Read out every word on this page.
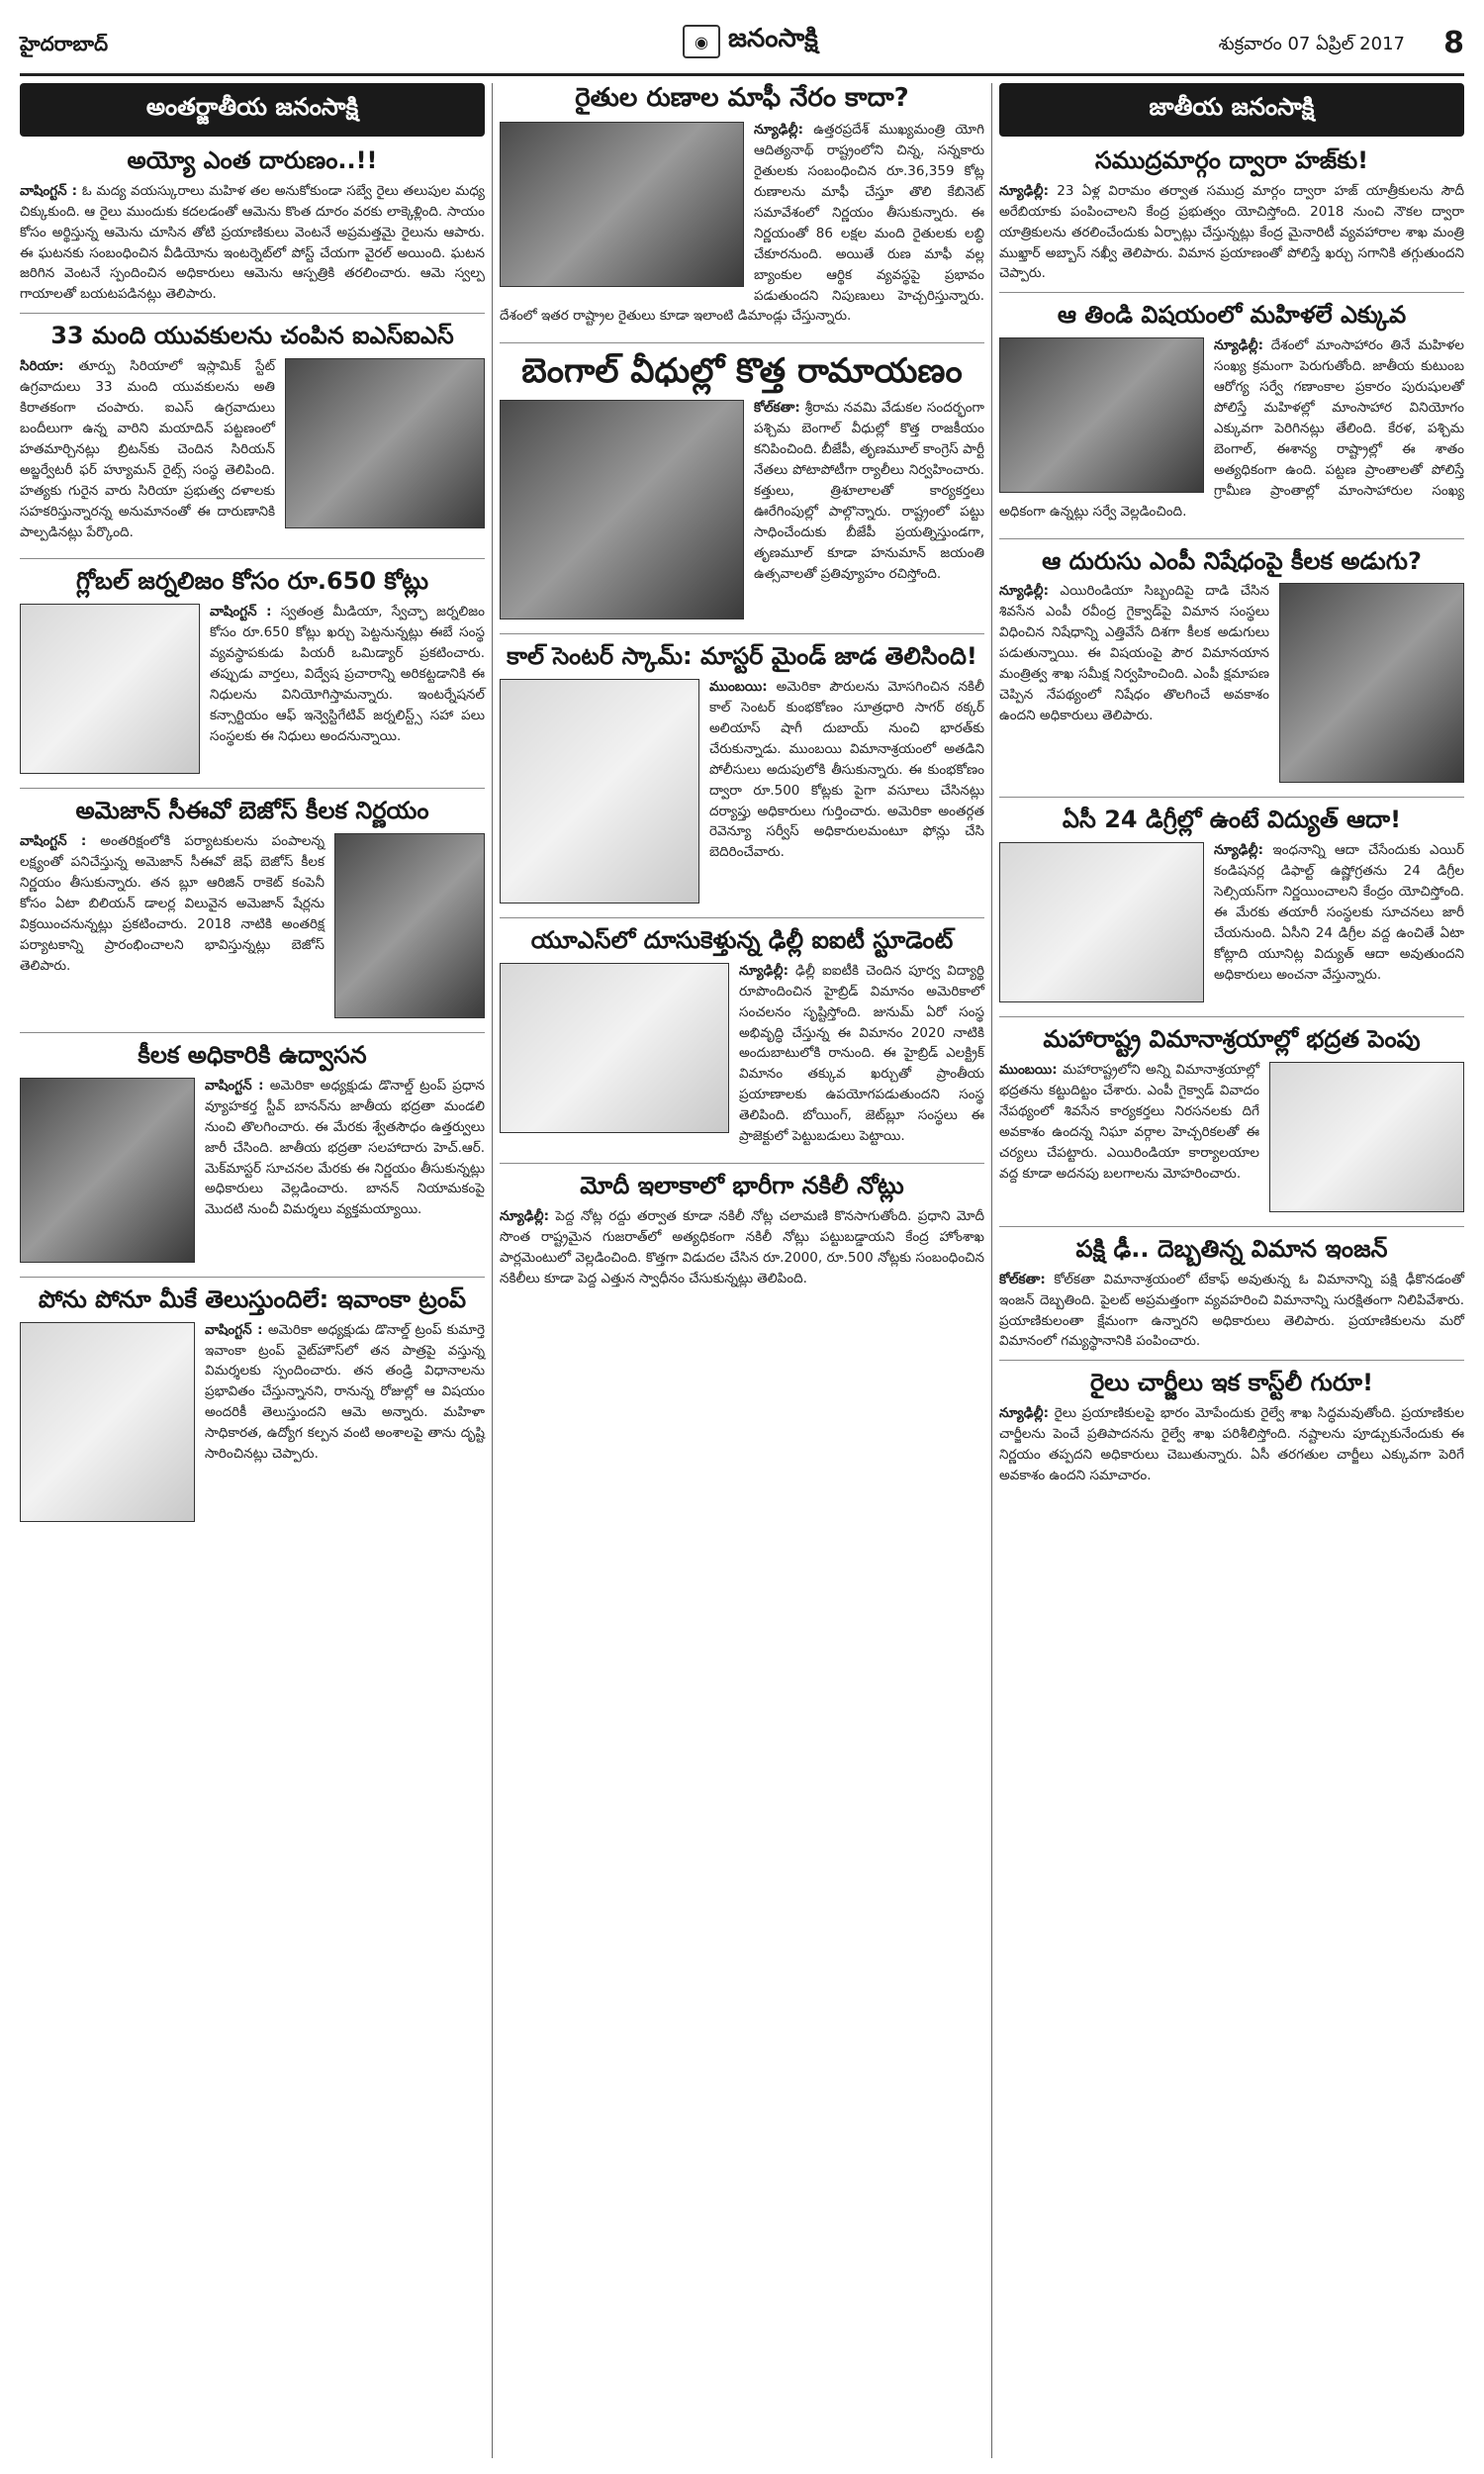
హైదరాబాద్	◉ జనంసాక్షి	శుక్రవారం 07 ఏప్రిల్ 2017 8
అంతర్జాతీయ జనంసాక్షి
అయ్యో ఎంత దారుణం..!!

వాషింగ్టన్ : ఓ మద్య వయస్కురాలు మహిళ తల అనుకోకుండా సబ్వే రైలు తలుపుల మధ్య చిక్కుకుంది. ఆ రైలు ముందుకు కదలడంతో ఆమెను కొంత దూరం వరకు లాక్కెళ్లింది. సాయం కోసం అర్థిస్తున్న ఆమెను చూసిన తోటి ప్రయాణికులు వెంటనే అప్రమత్తమై రైలును ఆపారు. ఈ ఘటనకు సంబంధించిన వీడియోను ఇంటర్నెట్‌లో పోస్ట్ చేయగా వైరల్ అయింది. ఘటన జరిగిన వెంటనే స్పందించిన అధికారులు ఆమెను ఆస్పత్రికి తరలించారు. ఆమె స్వల్ప గాయాలతో బయటపడినట్లు తెలిపారు.

33 మంది యువకులను చంపిన ఐఎస్ఐఎస్

సిరియా: తూర్పు సిరియాలో ఇస్లామిక్ స్టేట్ ఉగ్రవాదులు 33 మంది యువకులను అతి కిరాతకంగా చంపారు. ఐఎస్ ఉగ్రవాదులు బందీలుగా ఉన్న వారిని మయాదిన్ పట్టణంలో హతమార్చినట్లు బ్రిటన్‌కు చెందిన సిరియన్ అబ్జర్వేటరీ ఫర్ హ్యూమన్ రైట్స్ సంస్థ తెలిపింది. హత్యకు గురైన వారు సిరియా ప్రభుత్వ దళాలకు సహకరిస్తున్నారన్న అనుమానంతో ఈ దారుణానికి పాల్పడినట్లు పేర్కొంది.

గ్లోబల్ జర్నలిజం కోసం రూ.650 కోట్లు

వాషింగ్టన్ : స్వతంత్ర మీడియా, స్వేచ్ఛా జర్నలిజం కోసం రూ.650 కోట్లు ఖర్చు పెట్టనున్నట్లు ఈబే సంస్థ వ్యవస్థాపకుడు పియరీ ఒమిడ్యార్ ప్రకటించారు. తప్పుడు వార్తలు, విద్వేష ప్రచారాన్ని అరికట్టడానికి ఈ నిధులను వినియోగిస్తామన్నారు. ఇంటర్నేషనల్ కన్సార్టియం ఆఫ్ ఇన్వెస్టిగేటివ్ జర్నలిస్ట్స్ సహా పలు సంస్థలకు ఈ నిధులు అందనున్నాయి.

అమెజాన్ సీఈవో బెజోస్ కీలక నిర్ణయం

వాషింగ్టన్ : అంతరిక్షంలోకి పర్యాటకులను పంపాలన్న లక్ష్యంతో పనిచేస్తున్న అమెజాన్ సీఈవో జెఫ్ బెజోస్ కీలక నిర్ణయం తీసుకున్నారు. తన బ్లూ ఆరిజిన్ రాకెట్ కంపెనీ కోసం ఏటా బిలియన్ డాలర్ల విలువైన అమెజాన్ షేర్లను విక్రయించనున్నట్లు ప్రకటించారు. 2018 నాటికి అంతరిక్ష పర్యాటకాన్ని ప్రారంభించాలని భావిస్తున్నట్లు బెజోస్ తెలిపారు.

కీలక అధికారికి ఉద్వాసన

వాషింగ్టన్ : అమెరికా అధ్యక్షుడు డొనాల్డ్ ట్రంప్ ప్రధాన వ్యూహకర్త స్టీవ్ బానన్‌ను జాతీయ భద్రతా మండలి నుంచి తొలగించారు. ఈ మేరకు శ్వేతసౌధం ఉత్తర్వులు జారీ చేసింది. జాతీయ భద్రతా సలహాదారు హెచ్.ఆర్. మెక్‌మాస్టర్ సూచనల మేరకు ఈ నిర్ణయం తీసుకున్నట్లు అధికారులు వెల్లడించారు. బానన్ నియామకంపై మొదటి నుంచీ విమర్శలు వ్యక్తమయ్యాయి.

పోను పోనూ మీకే తెలుస్తుందిలే: ఇవాంకా ట్రంప్

వాషింగ్టన్ : అమెరికా అధ్యక్షుడు డొనాల్డ్ ట్రంప్ కుమార్తె ఇవాంకా ట్రంప్ వైట్‌హౌస్‌లో తన పాత్రపై వస్తున్న విమర్శలకు స్పందించారు. తన తండ్రి విధానాలను ప్రభావితం చేస్తున్నానని, రానున్న రోజుల్లో ఆ విషయం అందరికీ తెలుస్తుందని ఆమె అన్నారు. మహిళా సాధికారత, ఉద్యోగ కల్పన వంటి అంశాలపై తాను దృష్టి సారించినట్లు చెప్పారు.

రైతుల రుణాల మాఫీ నేరం కాదా?

న్యూఢిల్లీ: ఉత్తరప్రదేశ్ ముఖ్యమంత్రి యోగి ఆదిత్యనాథ్ రాష్ట్రంలోని చిన్న, సన్నకారు రైతులకు సంబంధించిన రూ.36,359 కోట్ల రుణాలను మాఫీ చేస్తూ తొలి కేబినెట్ సమావేశంలో నిర్ణయం తీసుకున్నారు. ఈ నిర్ణయంతో 86 లక్షల మంది రైతులకు లబ్ధి చేకూరనుంది. అయితే రుణ మాఫీ వల్ల బ్యాంకుల ఆర్థిక వ్యవస్థపై ప్రభావం పడుతుందని నిపుణులు హెచ్చరిస్తున్నారు. దేశంలో ఇతర రాష్ట్రాల రైతులు కూడా ఇలాంటి డిమాండ్లు చేస్తున్నారు.

బెంగాల్ వీధుల్లో కొత్త రామాయణం

కోల్‌కతా: శ్రీరామ నవమి వేడుకల సందర్భంగా పశ్చిమ బెంగాల్ వీధుల్లో కొత్త రాజకీయం కనిపించింది. బీజేపీ, తృణమూల్ కాంగ్రెస్ పార్టీ నేతలు పోటాపోటీగా ర్యాలీలు నిర్వహించారు. కత్తులు, త్రిశూలాలతో కార్యకర్తలు ఊరేగింపుల్లో పాల్గొన్నారు. రాష్ట్రంలో పట్టు సాధించేందుకు బీజేపీ ప్రయత్నిస్తుండగా, తృణమూల్ కూడా హనుమాన్ జయంతి ఉత్సవాలతో ప్రతివ్యూహం రచిస్తోంది.

కాల్ సెంటర్ స్కామ్: మాస్టర్ మైండ్ జాడ తెలిసింది!

ముంబయి: అమెరికా పౌరులను మోసగించిన నకిలీ కాల్ సెంటర్ కుంభకోణం సూత్రధారి సాగర్ ఠక్కర్ అలియాస్ షాగీ దుబాయ్ నుంచి భారత్‌కు చేరుకున్నాడు. ముంబయి విమానాశ్రయంలో అతడిని పోలీసులు అదుపులోకి తీసుకున్నారు. ఈ కుంభకోణం ద్వారా రూ.500 కోట్లకు పైగా వసూలు చేసినట్లు దర్యాప్తు అధికారులు గుర్తించారు. అమెరికా అంతర్గత రెవెన్యూ సర్వీస్ అధికారులమంటూ ఫోన్లు చేసి బెదిరించేవారు.

యూఎస్‌లో దూసుకెళ్తున్న ఢిల్లీ ఐఐటీ స్టూడెంట్

న్యూఢిల్లీ: ఢిల్లీ ఐఐటీకి చెందిన పూర్వ విద్యార్థి రూపొందించిన హైబ్రిడ్ విమానం అమెరికాలో సంచలనం సృష్టిస్తోంది. జునుమ్ ఏరో సంస్థ అభివృద్ధి చేస్తున్న ఈ విమానం 2020 నాటికి అందుబాటులోకి రానుంది. ఈ హైబ్రిడ్ ఎలక్ట్రిక్ విమానం తక్కువ ఖర్చుతో ప్రాంతీయ ప్రయాణాలకు ఉపయోగపడుతుందని సంస్థ తెలిపింది. బోయింగ్, జెట్‌బ్లూ సంస్థలు ఈ ప్రాజెక్టులో పెట్టుబడులు పెట్టాయి.

మోదీ ఇలాకాలో భారీగా నకిలీ నోట్లు

న్యూఢిల్లీ: పెద్ద నోట్ల రద్దు తర్వాత కూడా నకిలీ నోట్ల చలామణి కొనసాగుతోంది. ప్రధాని మోదీ సొంత రాష్ట్రమైన గుజరాత్‌లో అత్యధికంగా నకిలీ నోట్లు పట్టుబడ్డాయని కేంద్ర హోంశాఖ పార్లమెంటులో వెల్లడించింది. కొత్తగా విడుదల చేసిన రూ.2000, రూ.500 నోట్లకు సంబంధించిన నకిలీలు కూడా పెద్ద ఎత్తున స్వాధీనం చేసుకున్నట్లు తెలిపింది.

జాతీయ జనంసాక్షి
సముద్రమార్గం ద్వారా హజ్‌కు!

న్యూఢిల్లీ: 23 ఏళ్ల విరామం తర్వాత సముద్ర మార్గం ద్వారా హజ్ యాత్రీకులను సౌదీ అరేబియాకు పంపించాలని కేంద్ర ప్రభుత్వం యోచిస్తోంది. 2018 నుంచి నౌకల ద్వారా యాత్రికులను తరలించేందుకు ఏర్పాట్లు చేస్తున్నట్లు కేంద్ర మైనారిటీ వ్యవహారాల శాఖ మంత్రి ముఖ్తార్ అబ్బాస్ నఖ్వీ తెలిపారు. విమాన ప్రయాణంతో పోలిస్తే ఖర్చు సగానికి తగ్గుతుందని చెప్పారు.

ఆ తిండి విషయంలో మహిళలే ఎక్కువ

న్యూఢిల్లీ: దేశంలో మాంసాహారం తినే మహిళల సంఖ్య క్రమంగా పెరుగుతోంది. జాతీయ కుటుంబ ఆరోగ్య సర్వే గణాంకాల ప్రకారం పురుషులతో పోలిస్తే మహిళల్లో మాంసాహార వినియోగం ఎక్కువగా పెరిగినట్లు తేలింది. కేరళ, పశ్చిమ బెంగాల్, ఈశాన్య రాష్ట్రాల్లో ఈ శాతం అత్యధికంగా ఉంది. పట్టణ ప్రాంతాలతో పోలిస్తే గ్రామీణ ప్రాంతాల్లో మాంసాహారుల సంఖ్య అధికంగా ఉన్నట్లు సర్వే వెల్లడించింది.

ఆ దురుసు ఎంపీ నిషేధంపై కీలక అడుగు?

న్యూఢిల్లీ: ఎయిరిండియా సిబ్బందిపై దాడి చేసిన శివసేన ఎంపీ రవీంద్ర గైక్వాడ్‌పై విమాన సంస్థలు విధించిన నిషేధాన్ని ఎత్తివేసే దిశగా కీలక అడుగులు పడుతున్నాయి. ఈ విషయంపై పౌర విమానయాన మంత్రిత్వ శాఖ సమీక్ష నిర్వహించింది. ఎంపీ క్షమాపణ చెప్పిన నేపథ్యంలో నిషేధం తొలగించే అవకాశం ఉందని అధికారులు తెలిపారు.

ఏసీ 24 డిగ్రీల్లో ఉంటే విద్యుత్ ఆదా!

న్యూఢిల్లీ: ఇంధనాన్ని ఆదా చేసేందుకు ఎయిర్ కండిషనర్ల డిఫాల్ట్ ఉష్ణోగ్రతను 24 డిగ్రీల సెల్సియస్‌గా నిర్ణయించాలని కేంద్రం యోచిస్తోంది. ఈ మేరకు తయారీ సంస్థలకు సూచనలు జారీ చేయనుంది. ఏసీని 24 డిగ్రీల వద్ద ఉంచితే ఏటా కోట్లాది యూనిట్ల విద్యుత్ ఆదా అవుతుందని అధికారులు అంచనా వేస్తున్నారు.

మహారాష్ట్ర విమానాశ్రయాల్లో భద్రత పెంపు

ముంబయి: మహారాష్ట్రలోని అన్ని విమానాశ్రయాల్లో భద్రతను కట్టుదిట్టం చేశారు. ఎంపీ గైక్వాడ్ వివాదం నేపథ్యంలో శివసేన కార్యకర్తలు నిరసనలకు దిగే అవకాశం ఉందన్న నిఘా వర్గాల హెచ్చరికలతో ఈ చర్యలు చేపట్టారు. ఎయిరిండియా కార్యాలయాల వద్ద కూడా అదనపు బలగాలను మోహరించారు.

పక్షి ఢీ.. దెబ్బతిన్న విమాన ఇంజన్

కోల్‌కతా: కోల్‌కతా విమానాశ్రయంలో టేకాఫ్ అవుతున్న ఓ విమానాన్ని పక్షి ఢీకొనడంతో ఇంజన్ దెబ్బతింది. పైలట్ అప్రమత్తంగా వ్యవహరించి విమానాన్ని సురక్షితంగా నిలిపివేశారు. ప్రయాణికులంతా క్షేమంగా ఉన్నారని అధికారులు తెలిపారు. ప్రయాణికులను మరో విమానంలో గమ్యస్థానానికి పంపించారు.

రైలు చార్జీలు ఇక కాస్ట్‌లీ గురూ!

న్యూఢిల్లీ: రైలు ప్రయాణికులపై భారం మోపేందుకు రైల్వే శాఖ సిద్ధమవుతోంది. ప్రయాణికుల చార్జీలను పెంచే ప్రతిపాదనను రైల్వే శాఖ పరిశీలిస్తోంది. నష్టాలను పూడ్చుకునేందుకు ఈ నిర్ణయం తప్పదని అధికారులు చెబుతున్నారు. ఏసీ తరగతుల చార్జీలు ఎక్కువగా పెరిగే అవకాశం ఉందని సమాచారం.
